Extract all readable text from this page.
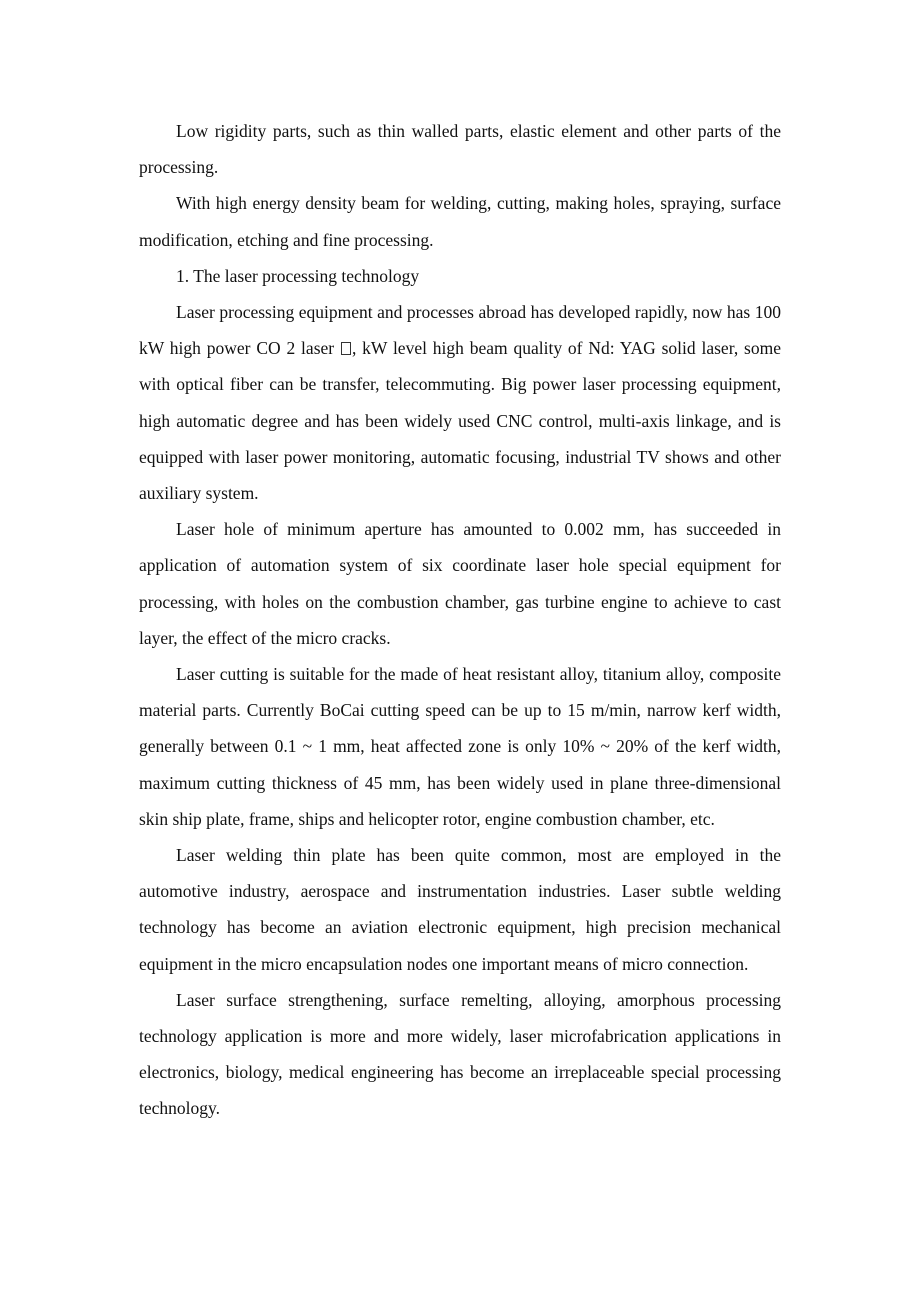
Low rigidity parts, such as thin walled parts, elastic element and other parts of the processing.

With high energy density beam for welding, cutting, making holes, spraying, surface modification, etching and fine processing.

1. The laser processing technology

Laser processing equipment and processes abroad has developed rapidly, now has 100 kW high power CO 2 laser , kW level high beam quality of Nd: YAG solid laser, some with optical fiber can be transfer, telecommuting. Big power laser processing equipment, high automatic degree and has been widely used CNC control, multi-axis linkage, and is equipped with laser power monitoring, automatic focusing, industrial TV shows and other auxiliary system.

Laser hole of minimum aperture has amounted to 0.002 mm, has succeeded in application of automation system of six coordinate laser hole special equipment for processing, with holes on the combustion chamber, gas turbine engine to achieve to cast layer, the effect of the micro cracks.

Laser cutting is suitable for the made of heat resistant alloy, titanium alloy, composite material parts. Currently BoCai cutting speed can be up to 15 m/min, narrow kerf width, generally between 0.1 ~ 1 mm, heat affected zone is only 10% ~ 20% of the kerf width, maximum cutting thickness of 45 mm, has been widely used in plane three-dimensional skin ship plate, frame, ships and helicopter rotor, engine combustion chamber, etc.

Laser welding thin plate has been quite common, most are employed in the automotive industry, aerospace and instrumentation industries. Laser subtle welding technology has become an aviation electronic equipment, high precision mechanical equipment in the micro encapsulation nodes one important means of micro connection.

Laser surface strengthening, surface remelting, alloying, amorphous processing technology application is more and more widely, laser microfabrication applications in electronics, biology, medical engineering has become an irreplaceable special processing technology.
